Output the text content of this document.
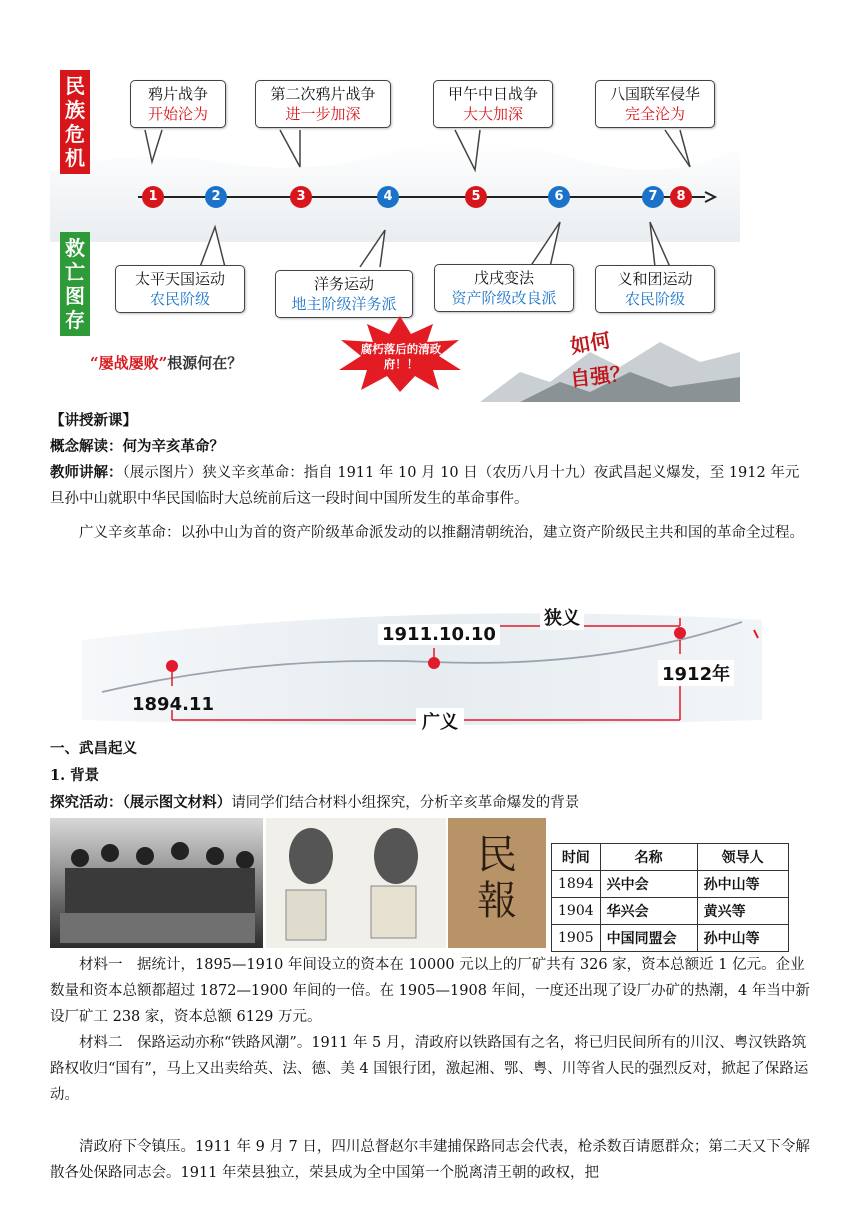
民族危机
救亡图存
鸦片战争
开始沦为
第二次鸦片战争
进一步加深
甲午中日战争
大大加深
八国联军侵华
完全沦为
1	2	3	4	5	6	7	8
太平天国运动
农民阶级
洋务运动
地主阶级洋务派
戊戌变法
资产阶级改良派
义和团运动
农民阶级
“屡战屡败”根源何在？
腐朽落后的清政府！！
如何
自强？
【讲授新课】
概念解读：何为辛亥革命？
教师讲解：（展示图片）狭义辛亥革命：指自 1911 年 10 月 10 日（农历八月十九）夜武昌起义爆发，至 1912 年元旦孙中山就职中华民国临时大总统前后这一段时间中国所发生的革命事件。
广义辛亥革命：以孙中山为首的资产阶级革命派发动的以推翻清朝统治，建立资产阶级民主共和国的革命全过程。
狭义
1911.10.10
1894.11
1912年
广义
一、武昌起义
1. 背景
探究活动：（展示图文材料）请同学们结合材料小组探究，分析辛亥革命爆发的背景
民報
时间	名称	领导人
1894	兴中会	孙中山等
1904	华兴会	黄兴等
1905	中国同盟会	孙中山等
材料一　据统计，1895—1910 年间设立的资本在 10000 元以上的厂矿共有 326 家，资本总额近 1 亿元。企业数量和资本总额都超过 1872—1900 年间的一倍。在 1905—1908 年间，一度还出现了设厂办矿的热潮，4 年当中新设厂矿工 238 家，资本总额 6129 万元。
材料二　保路运动亦称“铁路风潮”。1911 年 5 月，清政府以铁路国有之名，将已归民间所有的川汉、粤汉铁路筑路权收归“国有”，马上又出卖给英、法、德、美 4 国银行团，激起湘、鄂、粤、川等省人民的强烈反对，掀起了保路运动。
清政府下令镇压。1911 年 9 月 7 日，四川总督赵尔丰建捕保路同志会代表，枪杀数百请愿群众；第二天又下令解散各处保路同志会。1911 年荣县独立，荣县成为全中国第一个脱离清王朝的政权，把
